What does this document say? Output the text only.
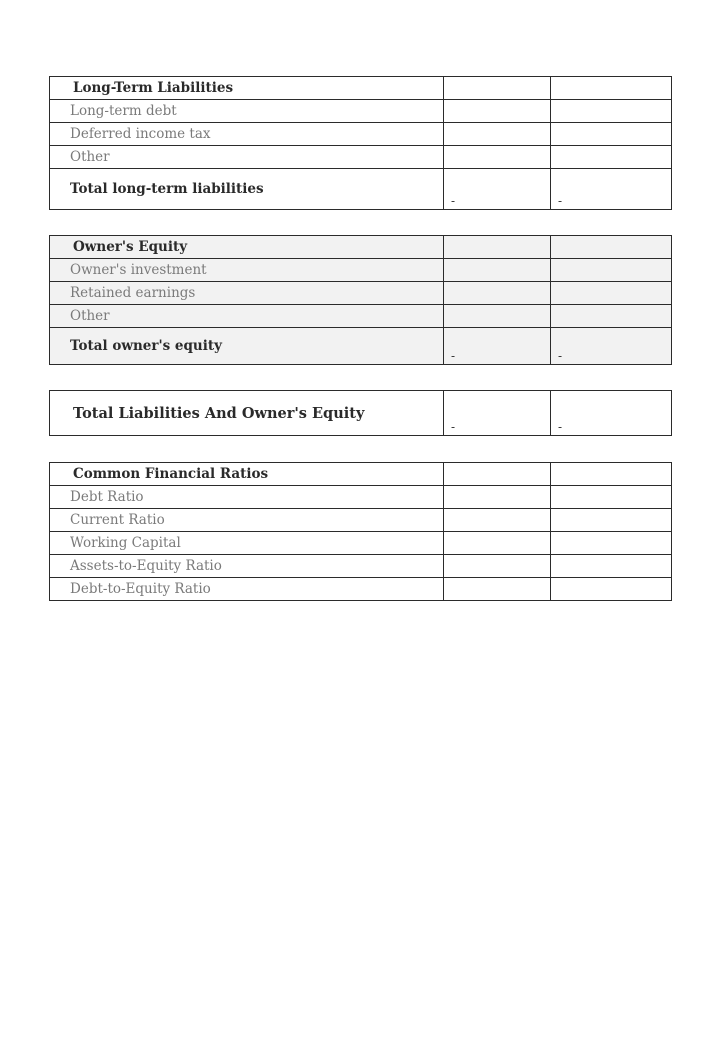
Long-Term Liabilities		
Long-term debt		
Deferred income tax		
Other		
Total long-term liabilities	-	-
Owner's Equity		
Owner's investment		
Retained earnings		
Other		
Total owner's equity	-	-
Total Liabilities And Owner's Equity	-	-
Common Financial Ratios		
Debt Ratio		
Current Ratio		
Working Capital		
Assets-to-Equity Ratio		
Debt-to-Equity Ratio		
